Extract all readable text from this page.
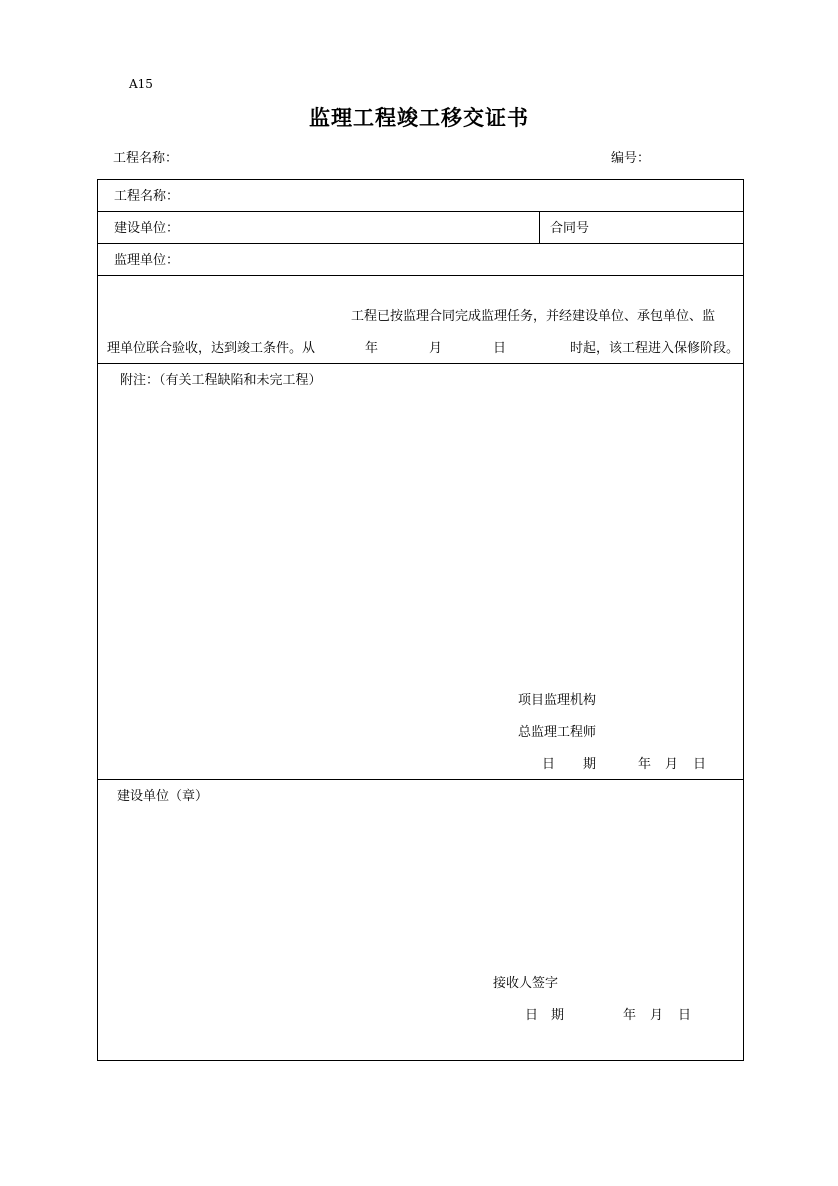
A15
监理工程竣工移交证书
工程名称：	编号：
工程名称：
建设单位：	合同号
监理单位：
工程已按监理合同完成监理任务，并经建设单位、承包单位、监
理单位联合验收，达到竣工条件。从	年	月	日	时起，该工程进入保修阶段。
附注：（有关工程缺陷和未完工程）
项目监理机构
总监理工程师
日 期	年 月 日
建设单位（章）
接收人签字
日 期	年 月 日
